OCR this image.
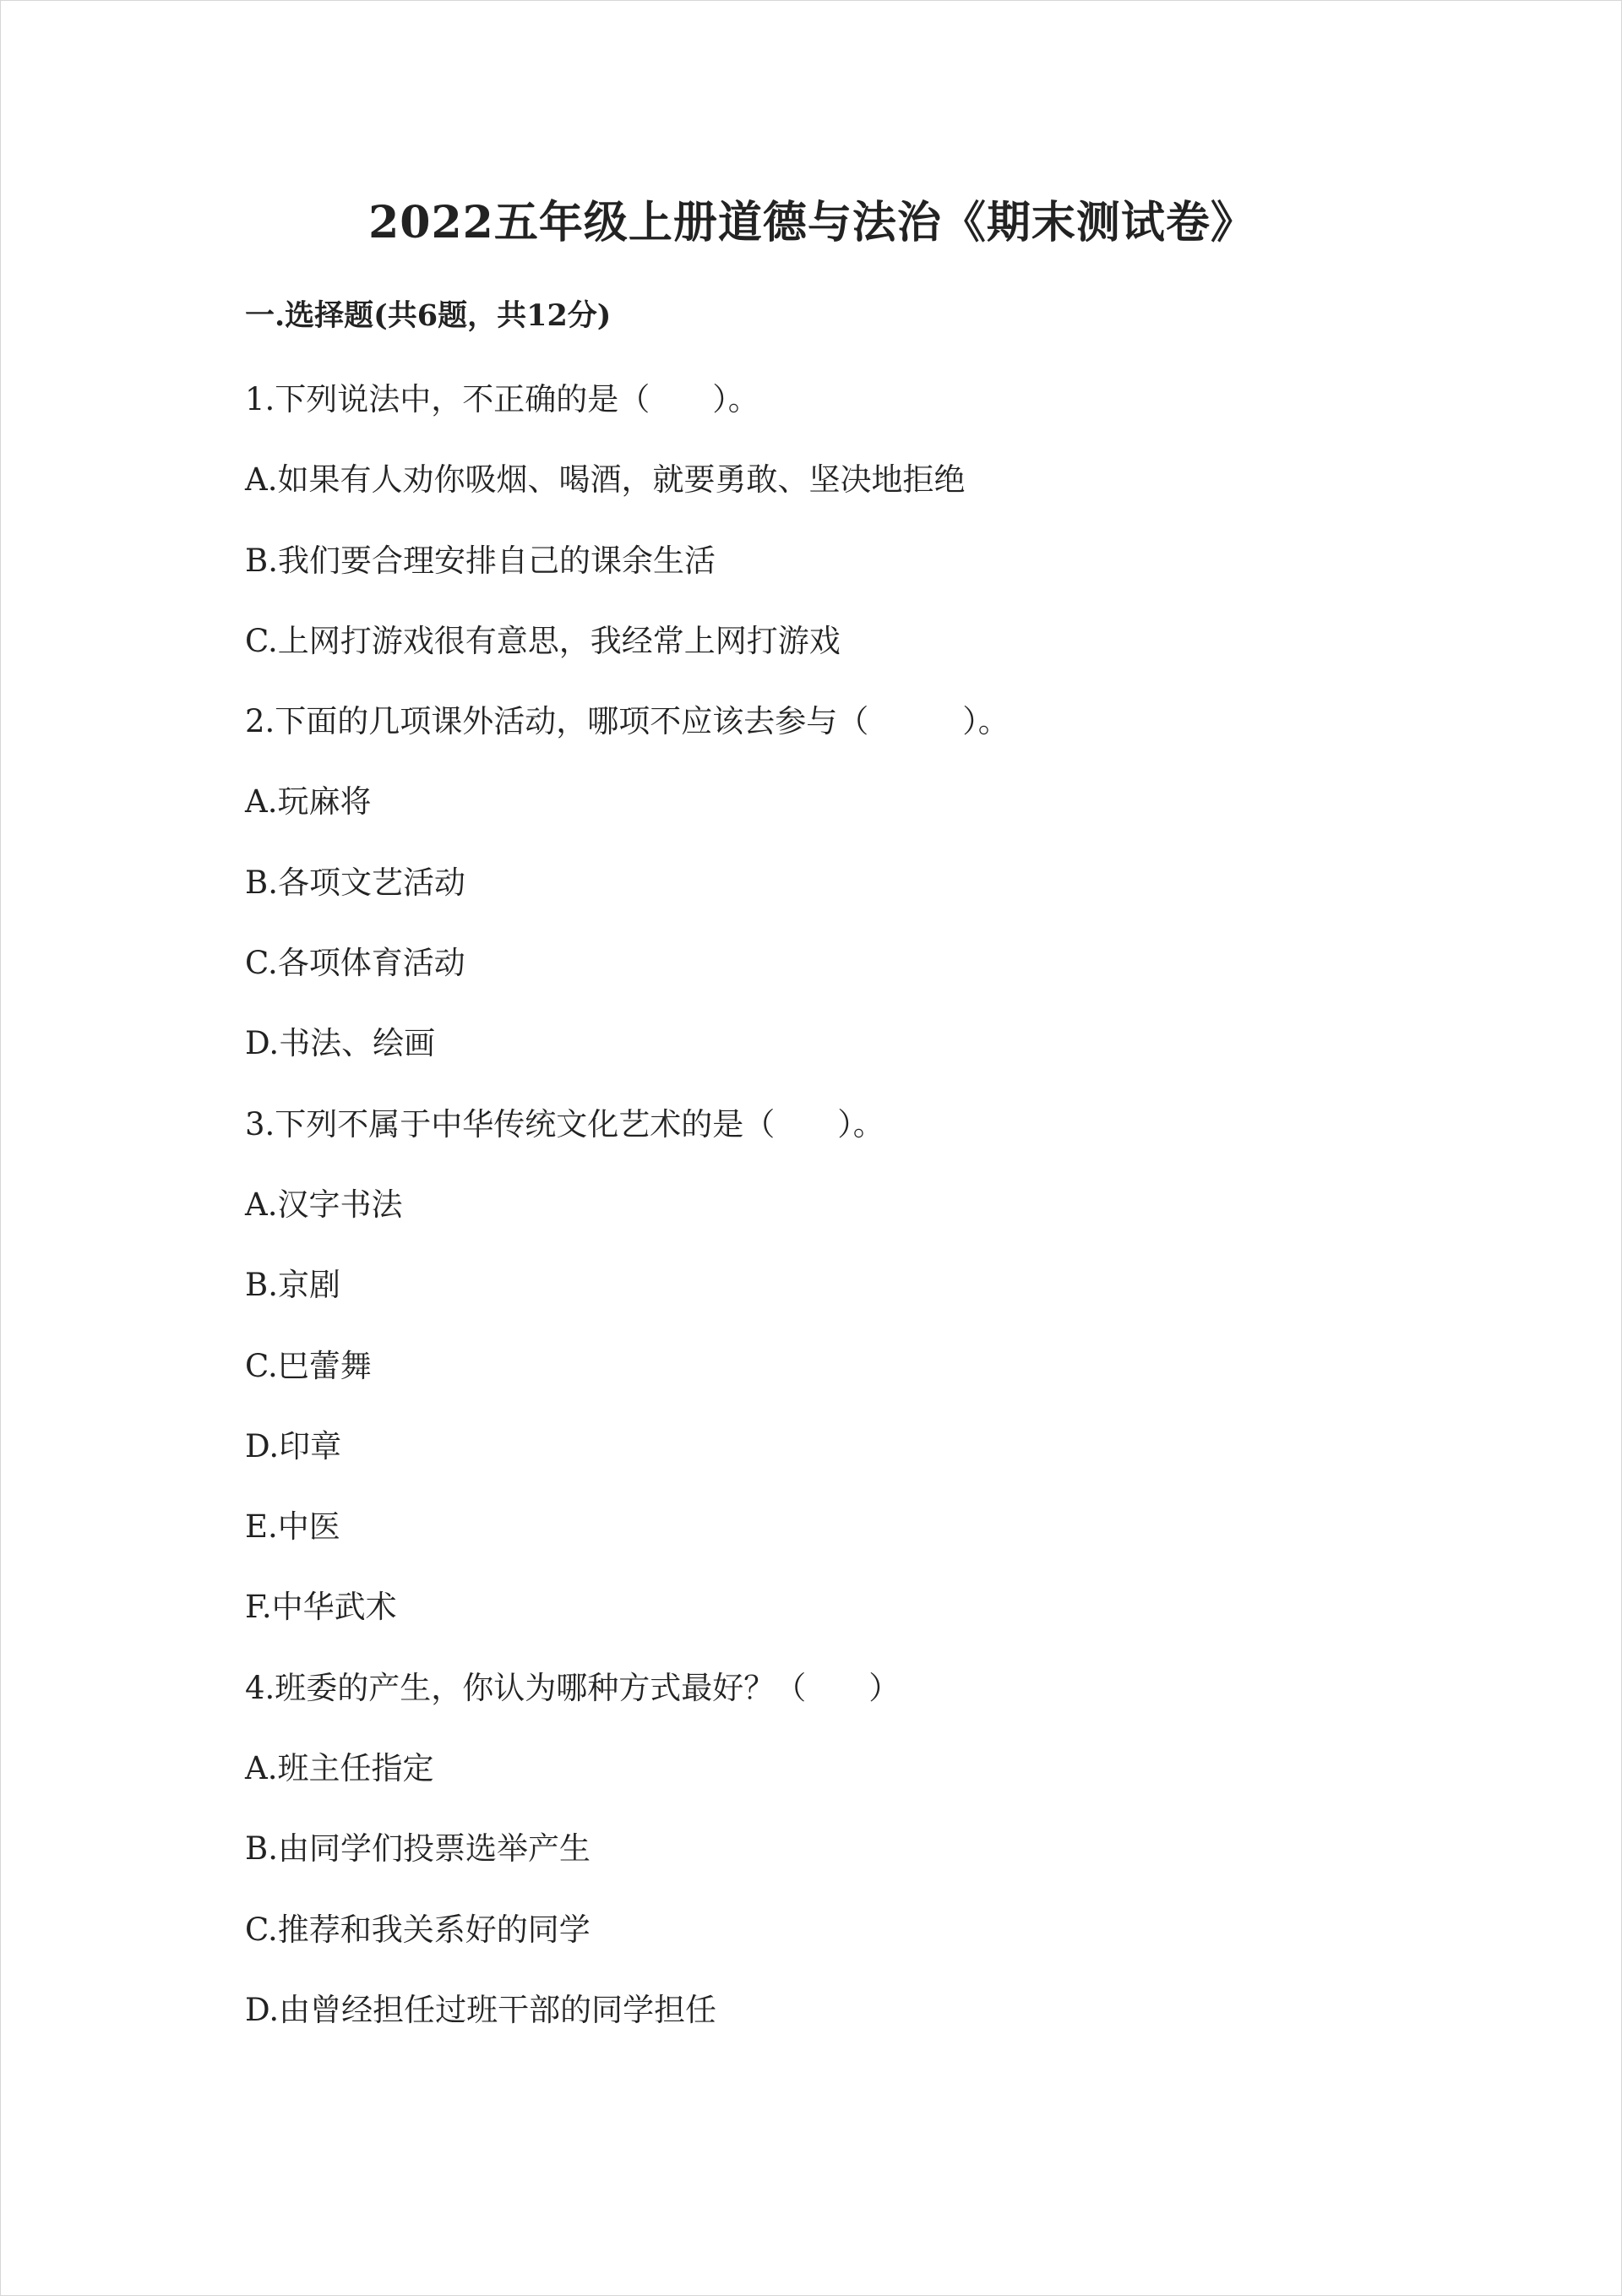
2022五年级上册道德与法治《期末测试卷》
一.选择题(共6题，共12分)
1.下列说法中，不正确的是（　　）。
A.如果有人劝你吸烟、喝酒，就要勇敢、坚决地拒绝
B.我们要合理安排自己的课余生活
C.上网打游戏很有意思，我经常上网打游戏
2.下面的几项课外活动，哪项不应该去参与（　　　）。
A.玩麻将
B.各项文艺活动
C.各项体育活动
D.书法、绘画
3.下列不属于中华传统文化艺术的是（　　）。
A.汉字书法
B.京剧
C.巴蕾舞
D.印章
E.中医
F.中华武术
4.班委的产生，你认为哪种方式最好？（　　）
A.班主任指定
B.由同学们投票选举产生
C.推荐和我关系好的同学
D.由曾经担任过班干部的同学担任
